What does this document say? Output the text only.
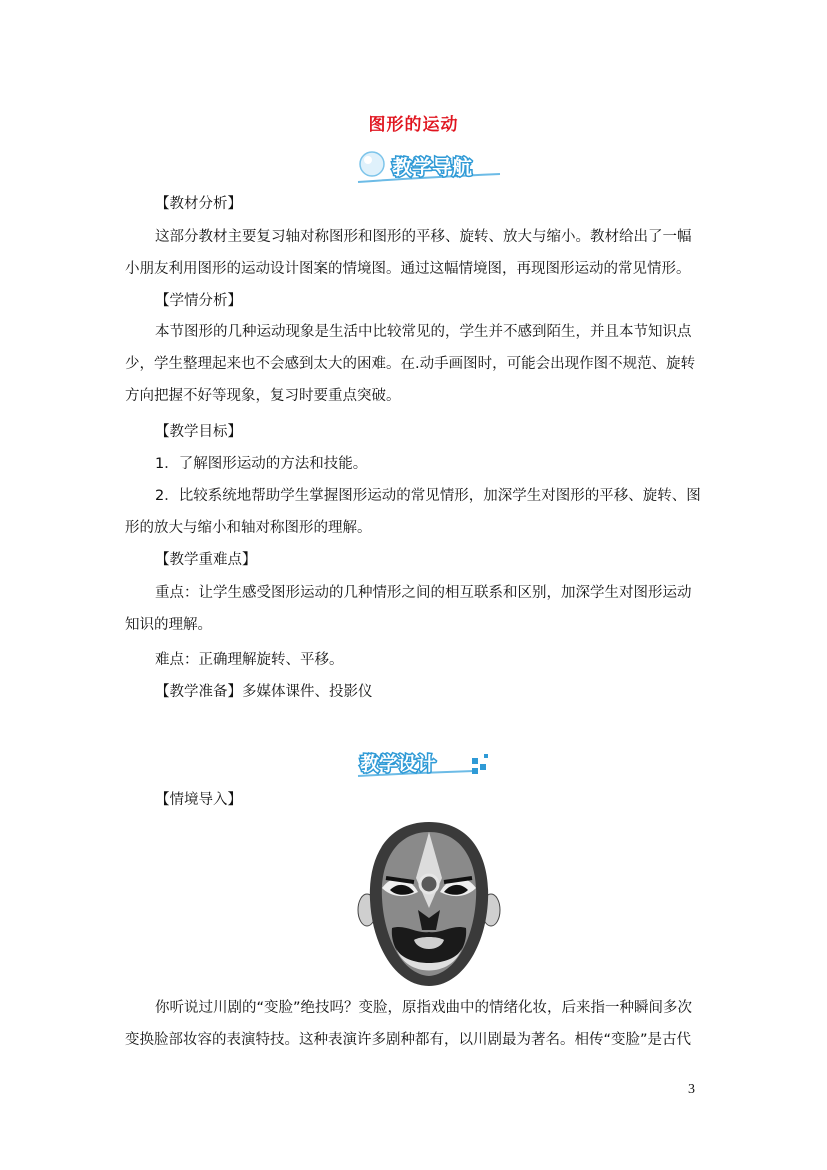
图形的运动
教学导航
【教材分析】
这部分教材主要复习轴对称图形和图形的平移、旋转、放大与缩小。教材给出了一幅小朋友利用图形的运动设计图案的情境图。通过这幅情境图，再现图形运动的常见情形。
【学情分析】
本节图形的几种运动现象是生活中比较常见的，学生并不感到陌生，并且本节知识点少，学生整理起来也不会感到太大的困难。在.动手画图时，可能会出现作图不规范、旋转方向把握不好等现象，复习时要重点突破。
【教学目标】
1．了解图形运动的方法和技能。
2．比较系统地帮助学生掌握图形运动的常见情形，加深学生对图形的平移、旋转、图形的放大与缩小和轴对称图形的理解。
【教学重难点】
重点：让学生感受图形运动的几种情形之间的相互联系和区别，加深学生对图形运动知识的理解。
难点：正确理解旋转、平移。
【教学准备】多媒体课件、投影仪
教学设计
【情境导入】
你听说过川剧的“变脸”绝技吗？变脸，原指戏曲中的情绪化妆，后来指一种瞬间多次变换脸部妆容的表演特技。这种表演许多剧种都有，以川剧最为著名。相传“变脸”是古代
3
